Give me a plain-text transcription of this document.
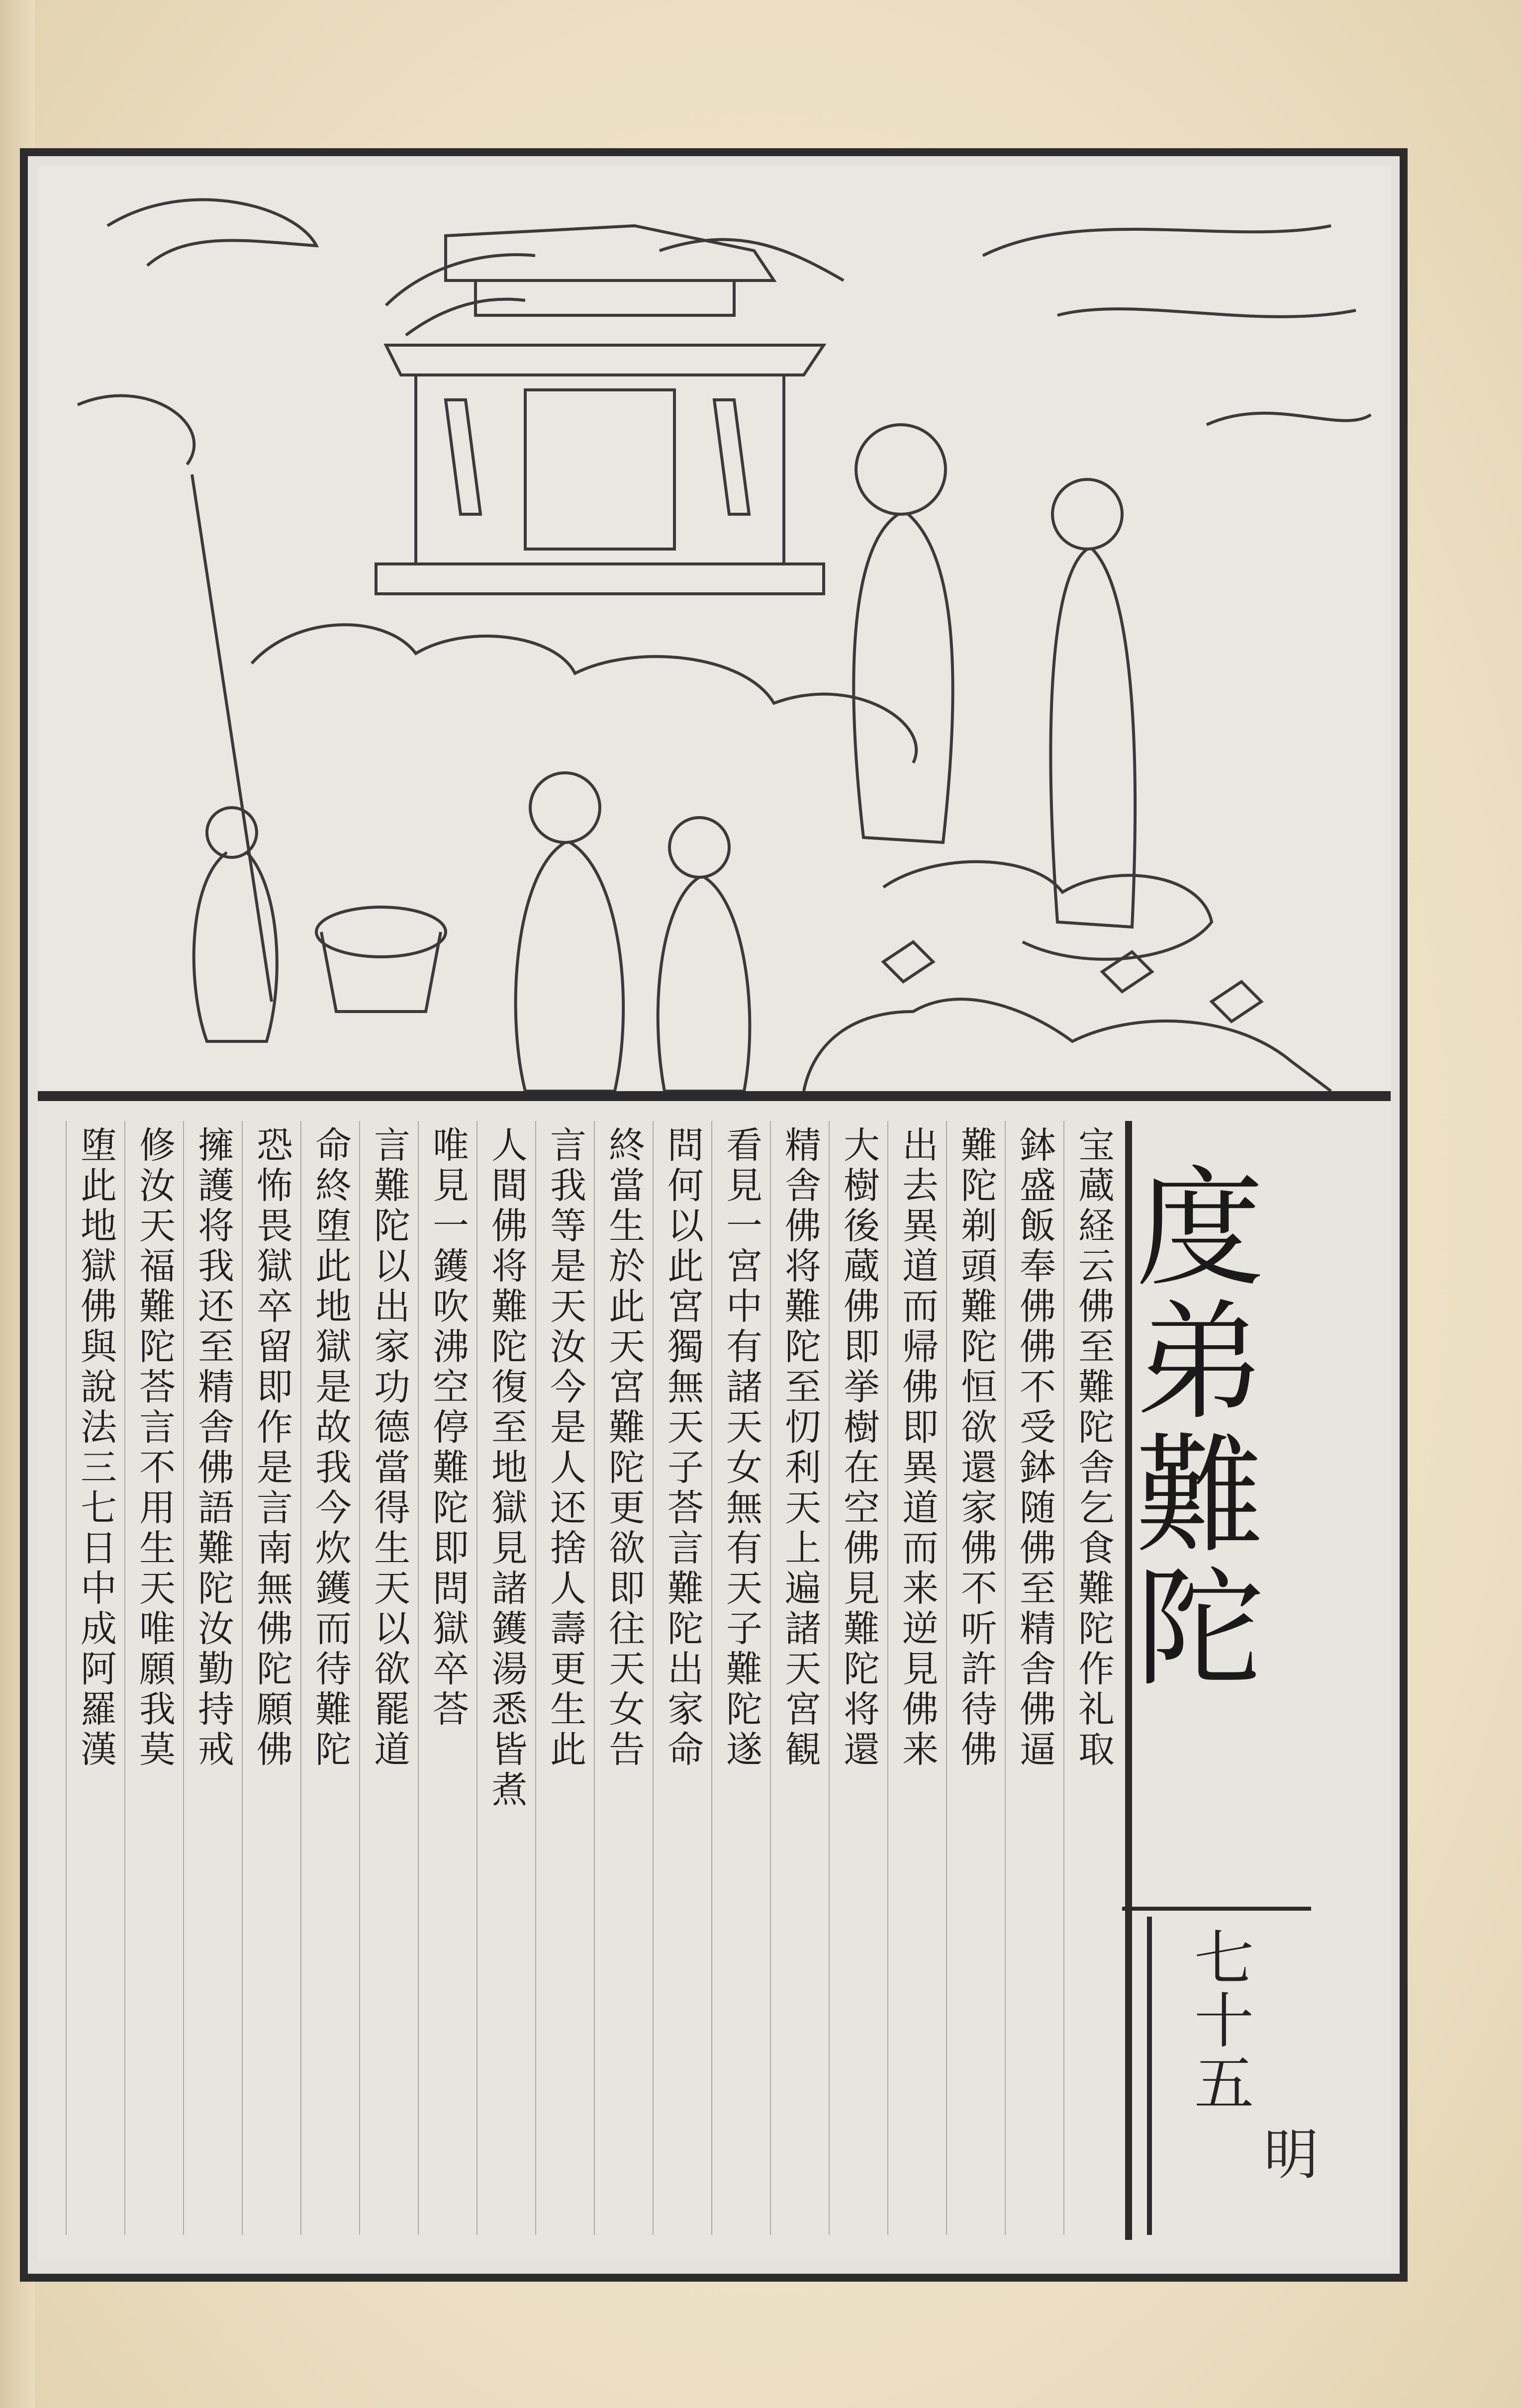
度弟難陀
七十五
明
宝蔵経云佛至難陀舎乞食難陀作礼取
鉢盛飯奉佛佛不受鉢随佛至精舎佛逼
難陀剃頭難陀恒欲還家佛不听許待佛
出去異道而帰佛即異道而来逆見佛来
大樹後蔵佛即挙樹在空佛見難陀将還
精舎佛将難陀至忉利天上遍諸天宮観
看見一宮中有諸天女無有天子難陀遂
問何以此宮獨無天子荅言難陀出家命
終當生於此天宮難陀更欲即往天女告
言我等是天汝今是人还捨人壽更生此
人間佛将難陀復至地獄見諸鑊湯悉皆煮
唯見一鑊吹沸空停難陀即問獄卒荅
言難陀以出家功德當得生天以欲罷道
命終堕此地獄是故我今炊鑊而待難陀
恐怖畏獄卒留即作是言南無佛陀願佛
擁護将我还至精舎佛語難陀汝勤持戒
修汝天福難陀荅言不用生天唯願我莫
堕此地獄佛與說法三七日中成阿羅漢
